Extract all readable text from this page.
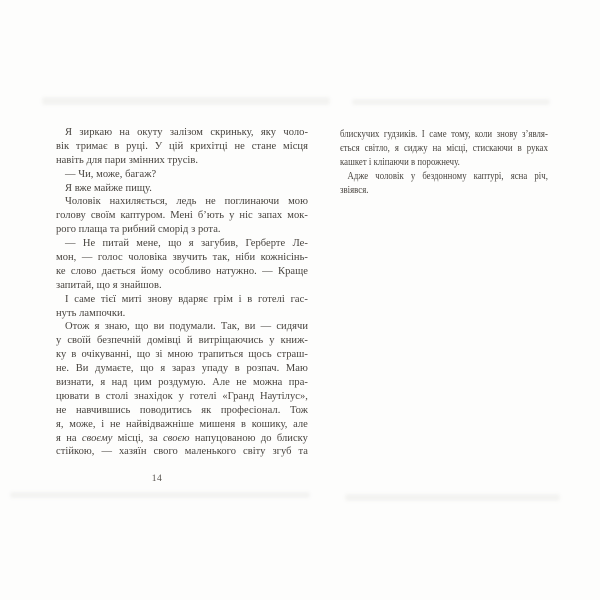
Я зиркаю на окуту залізом скриньку, яку чоло-
вік тримає в руці. У цій крихітці не стане місця
навіть для пари змінних трусів.
— Чи, може, багаж?
Я вже майже пищу.
Чоловік нахиляється, ледь не поглинаючи мою
голову своїм каптуром. Мені б’ють у ніс запах мок-
рого плаща та рибний сморід з рота.
— Не питай мене, що я загубив, Герберте Ле-
мон, — голос чоловіка звучить так, ніби кожнісінь-
ке слово дається йому особливо натужно. — Краще
запитай, що я знайшов.
І саме тієї миті знову вдаряє грім і в готелі гас-
нуть лампочки.
Отож я знаю, що ви подумали. Так, ви — сидячи
у своїй безпечній домівці й витріщаючись у книж-
ку в очікуванні, що зі мною трапиться щось страш-
не. Ви думаєте, що я зараз упаду в розпач. Маю
визнати, я над цим роздумую. Але не можна пра-
цювати в столі знахідок у готелі «Гранд Наутілус»,
не навчившись поводитись як професіонал. Тож
я, може, і не найвідважніше мишеня в кошику, але
я на своєму місці, за своєю напуцованою до блиску
стійкою, — хазяїн свого маленького світу згуб та
блискучих гудзиків. І саме тому, коли знову з’явля-
ється світло, я сиджу на місці, стискаючи в руках
кашкет і кліпаючи в порожнечу.
Адже чоловік у бездонному каптурі, ясна річ,
звіявся.
14
